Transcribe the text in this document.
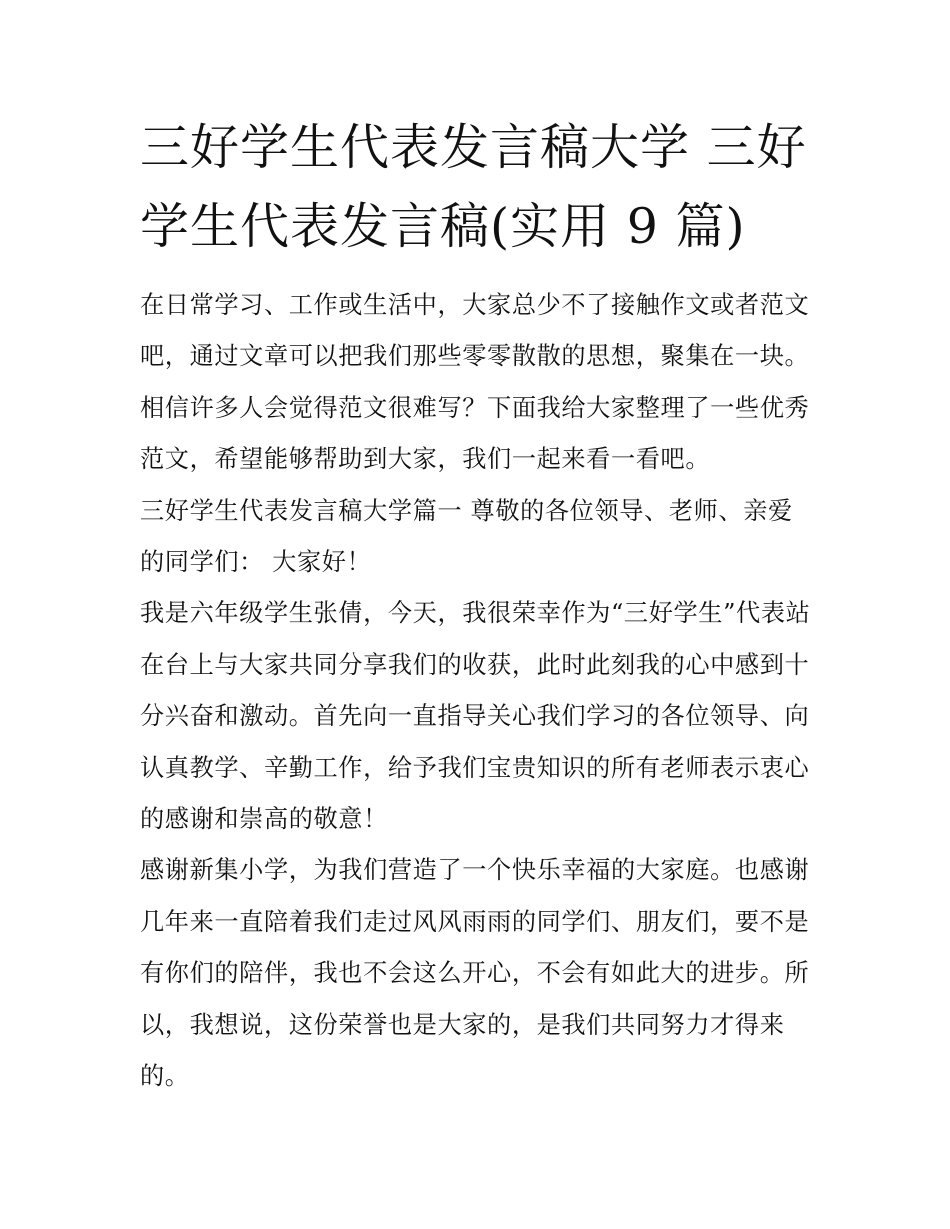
三好学生代表发言稿大学 三好
学生代表发言稿(实用 9 篇)

在日常学习、工作或生活中，大家总少不了接触作文或者范文
吧，通过文章可以把我们那些零零散散的思想，聚集在一块。
相信许多人会觉得范文很难写？下面我给大家整理了一些优秀
范文，希望能够帮助到大家，我们一起来看一看吧。

三好学生代表发言稿大学篇一 尊敬的各位领导、老师、亲爱
的同学们： 大家好！

我是六年级学生张倩，今天，我很荣幸作为“三好学生”代表站
在台上与大家共同分享我们的收获，此时此刻我的心中感到十
分兴奋和激动。首先向一直指导关心我们学习的各位领导、向
认真教学、辛勤工作，给予我们宝贵知识的所有老师表示衷心
的感谢和崇高的敬意！

感谢新集小学，为我们营造了一个快乐幸福的大家庭。也感谢
几年来一直陪着我们走过风风雨雨的同学们、朋友们，要不是
有你们的陪伴，我也不会这么开心，不会有如此大的进步。所
以，我想说，这份荣誉也是大家的，是我们共同努力才得来
的。
